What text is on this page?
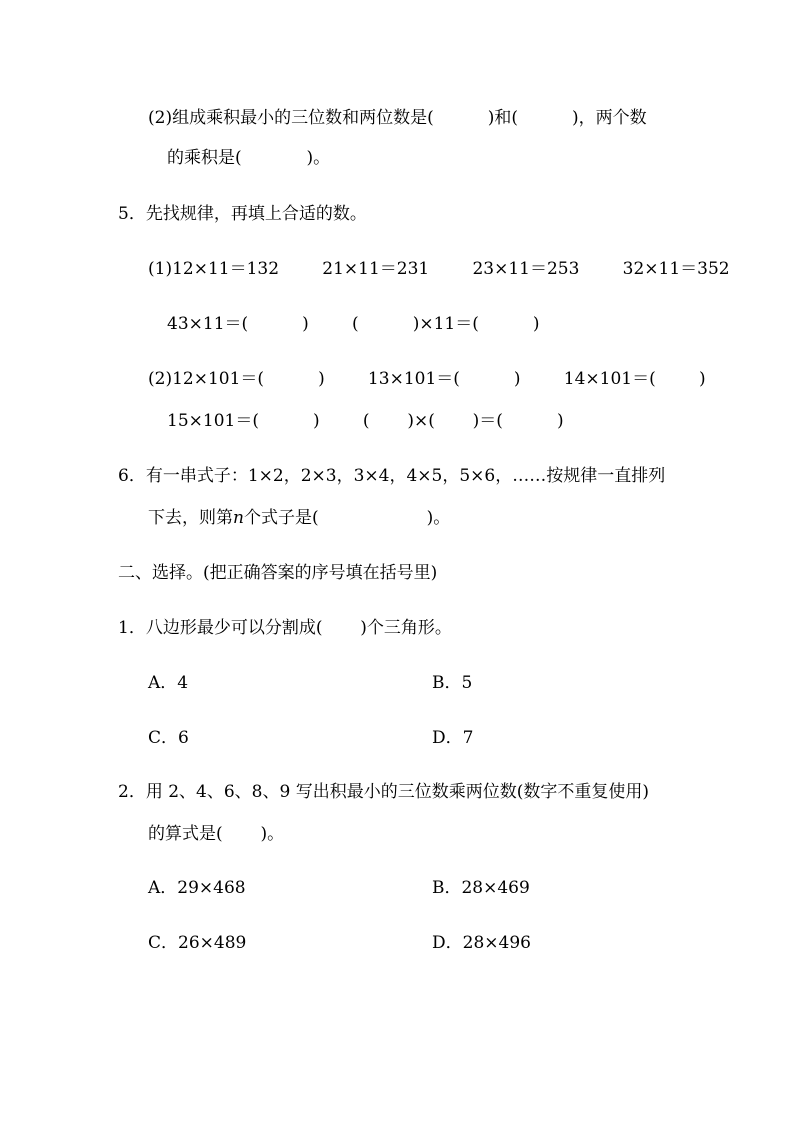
(2)组成乘积最小的三位数和两位数是(          )和(          )，两个数
的乘积是(            )。
5．先找规律，再填上合适的数。
(1)12×11＝132        21×11＝231        23×11＝253        32×11＝352
43×11＝(          )        (          )×11＝(          )
(2)12×101＝(          )        13×101＝(          )        14×101＝(        )
15×101＝(          )        (       )×(       )＝(          )
6．有一串式子：1×2，2×3，3×4，4×5，5×6，……按规律一直排列
下去，则第n个式子是(                    )。
二、选择。(把正确答案的序号填在括号里)
1．八边形最少可以分割成(       )个三角形。
A．4	B．5
C．6	D．7
2．用 2、4、6、8、9 写出积最小的三位数乘两位数(数字不重复使用)
的算式是(       )。
A．29×468	B．28×469
C．26×489	D．28×496
